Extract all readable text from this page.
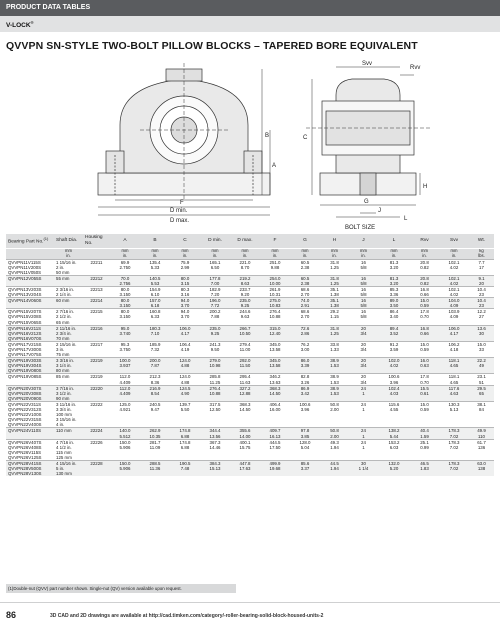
PRODUCT DATA TABLES
V-LOCK®
QVVPN SN-STYLE TWO-BOLT PILLOW BLOCKS – TAPERED BORE EQUIVALENT
B
A
F
D min.
D max.
Svv
Rvv
C
H
G
J
L
BOLT SIZE
Bearing Part No.$^{(1)}$	Shaft Dia.	Housing No.	A	B	C	D min.	D max.	F	G	H	J	L	Rvv	Svv	Wt.
	mm
in.		mm
in.	mm
in.	mm
in.	mm
in.	mm
in.	mm
in.	mm
in.	mm
in.	mm
in.	mm
in.	mm
in.	mm
in.	kg
lbs.
QVVPN11V115S	1 15/16 in.	22211	69.9	135.4	75.9	165.1	221.0	251.0	60.5	31.8	16	81.3	20.8	102.1	7.7
QVVPN11V200S	2 in.		2.750	5.33	2.99	6.50	8.70	9.88	2.38	1.25	5/8	3.20	0.82	4.02	17
QVVPN11V050S	50 mm														
QVVPN12V055S	55 mm	22212	70.0	140.5	80.0	177.8	219.2	254.0	60.5	31.8	16	81.3	20.8	102.1	9.1
			2.756	5.53	3.15	7.00	8.63	10.00	2.38	1.25	5/8	3.20	0.82	4.02	20
QVVPN13V203S	2 3/16 in.	22213	80.0	154.9	80.3	182.9	233.7	261.9	68.6	35.1	16	85.3	16.8	102.1	10.4
QVVPN13V204S	2 1/4 in.		3.150	6.10	3.16	7.20	9.20	10.31	2.70	1.38	5/8	3.36	0.66	4.02	23
QVVPN14V060S	60 mm	22214	80.0	157.0	94.0	196.0	235.0	275.0	74.0	35.1	16	89.0	15.0	104.0	10.4
			3.150	6.18	3.70	7.72	9.25	10.83	2.91	1.38	5/8	3.50	0.59	4.09	23
QVVPN15V207S	2 7/16 in.	22215	80.0	160.8	94.0	200.2	244.6	276.4	68.6	29.2	16	86.4	17.8	103.9	12.2
QVVPN15V208S	2 1/2 in.		3.150	6.33	3.70	7.88	9.63	10.88	2.70	1.15	5/8	3.40	0.70	4.09	27
QVVPN15V065S	65 mm														
QVVPN16V211S	2 11/16 in.	22216	95.0	180.3	106.0	235.0	266.7	315.0	72.6	31.8	20	89.4	16.8	106.0	13.6
QVVPN16V212S	2 3/4 in.		3.740	7.10	4.17	9.25	10.50	12.40	2.86	1.25	3/4	3.52	0.66	4.17	30
QVVPN16V070S	70 mm														
QVVPN17V215S	2 15/16 in.	22217	95.3	185.9	106.4	241.3	279.4	345.0	76.2	33.8	20	91.2	15.0	106.2	15.0
QVVPN17V300S	3 in.		3.750	7.32	4.19	9.50	11.00	13.58	3.00	1.33	3/4	3.59	0.59	4.18	33
QVVPN17V075S	75 mm														
QVVPN19V303S	3 3/16 in.	22219	100.0	200.0	124.0	279.0	292.0	345.0	86.0	38.9	20	102.0	16.0	118.1	22.2
QVVPN19V304S	3 1/4 in.		3.937	7.87	4.88	10.98	11.50	13.58	3.39	1.53	3/4	4.02	0.63	4.65	49
QVVPN19V080S	80 mm														
QVVPN19V085S	85 mm	22219	112.0	212.3	124.0	285.8	295.4	346.2	82.8	38.9	20	100.6	17.8	118.1	23.1
			4.409	8.36	4.88	11.25	11.63	13.63	3.26	1.53	3/4	3.96	0.70	4.65	51
QVVPN20V307S	3 7/16 in.	22220	112.0	216.9	124.5	276.4	327.2	368.3	86.9	38.9	24	102.4	15.5	117.6	29.5
QVVPN20V308S	3 1/2 in.		4.409	8.54	4.90	10.88	12.88	14.50	3.42	1.53	1	4.03	0.61	4.63	65
QVVPN20V090S	90 mm														
QVVPN22V311S	3 11/16 in.	22222	125.0	240.5	139.7	317.5	368.3	406.4	100.6	50.8	24	115.6	15.0	130.3	38.1
QVVPN22V312S	3 3/4 in.		4.921	9.47	5.50	12.50	14.50	16.00	3.96	2.00	1	4.55	0.59	5.13	84
QVVPN22V100S	100 mm														
QVVPN22V315S	3 15/16 in.														
QVVPN22V400S	4 in.														
QVVPN24V110S	110 mm	22224	140.0	262.9	174.8	344.4	355.6	409.7	97.8	50.8	24	138.2	40.4	178.3	49.9
			5.512	10.35	6.88	13.56	14.00	16.13	3.85	2.00	1	5.44	1.59	7.02	110
QVVPN26V407S	4 7/16 in.	22226	150.0	281.7	174.8	367.3	400.1	444.5	128.0	49.3	24	153.2	25.1	178.3	61.7
QVVPN26V408S	4 1/2 in.		5.906	11.09	6.88	14.46	15.75	17.50	5.04	1.94	1	6.03	0.99	7.02	136
QVVPN26V115S	115 mm														
QVVPN26V125S	125 mm														
QVVPN28V415S	4 15/16 in.	22228	150.0	288.5	190.5	384.3	447.8	499.9	85.6	44.5	30	132.0	46.5	178.3	63.0
QVVPN28V500S	5 in.		5.906	11.36	7.48	15.13	17.63	19.68	3.37	1.94	1 1/4	5.20	1.83	7.02	138
QVVPN28V130S	130 mm														
(1)Double-nut (QVV) part number shown. Single-nut (QV) version available upon request.
86	3D CAD and 2D drawings are available at http://cad.timken.com/category/-roller-bearing-solid-block-housed-units-2
